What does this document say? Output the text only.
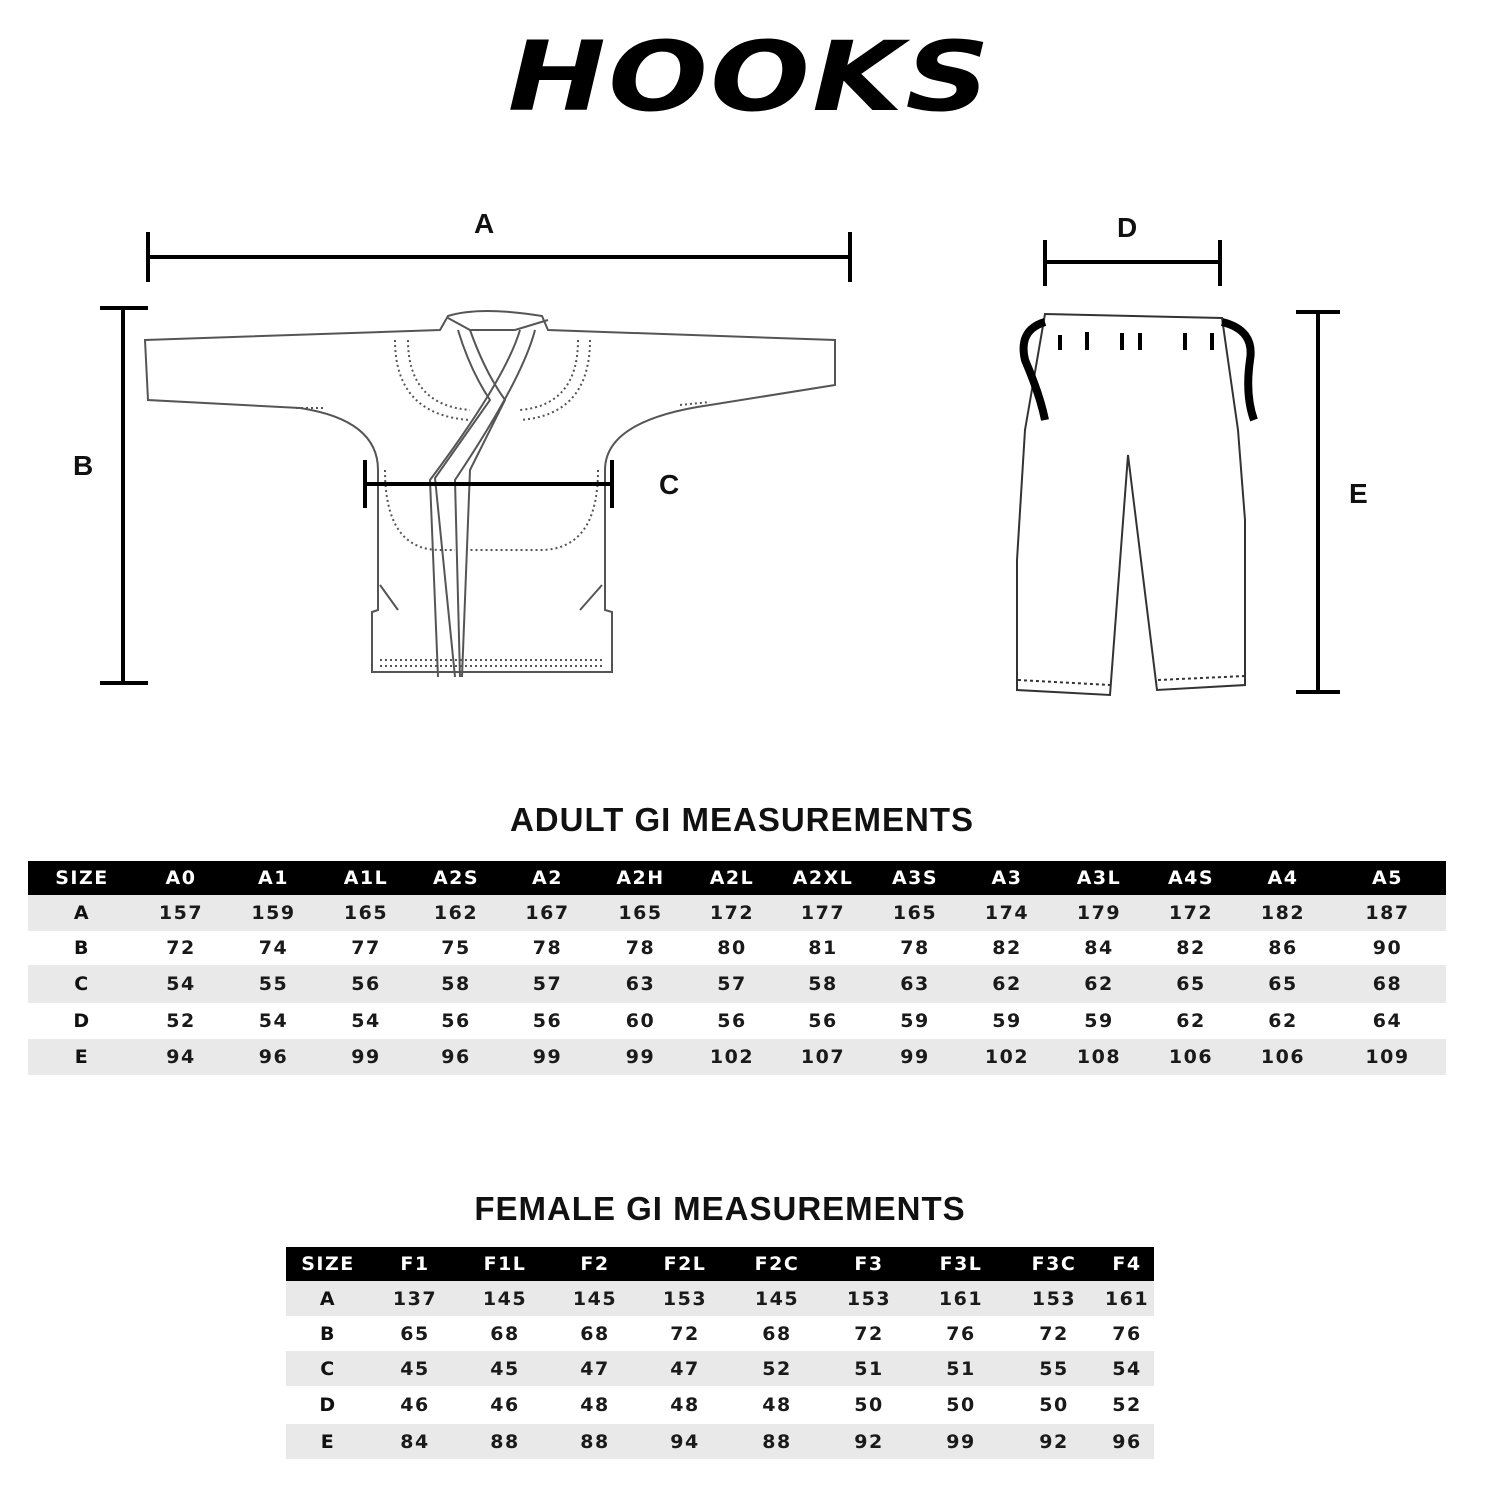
HOOKS
A
B
C
D
E
ADULT GI MEASUREMENTS
SIZE	A0	A1	A1L	A2S	A2	A2H	A2L	A2XL	A3S	A3	A3L	A4S	A4	A5
A	157	159	165	162	167	165	172	177	165	174	179	172	182	187
B	72	74	77	75	78	78	80	81	78	82	84	82	86	90
C	54	55	56	58	57	63	57	58	63	62	62	65	65	68
D	52	54	54	56	56	60	56	56	59	59	59	62	62	64
E	94	96	99	96	99	99	102	107	99	102	108	106	106	109
FEMALE GI MEASUREMENTS
SIZE	F1	F1L	F2	F2L	F2C	F3	F3L	F3C	F4
A	137	145	145	153	145	153	161	153	161
B	65	68	68	72	68	72	76	72	76
C	45	45	47	47	52	51	51	55	54
D	46	46	48	48	48	50	50	50	52
E	84	88	88	94	88	92	99	92	96
